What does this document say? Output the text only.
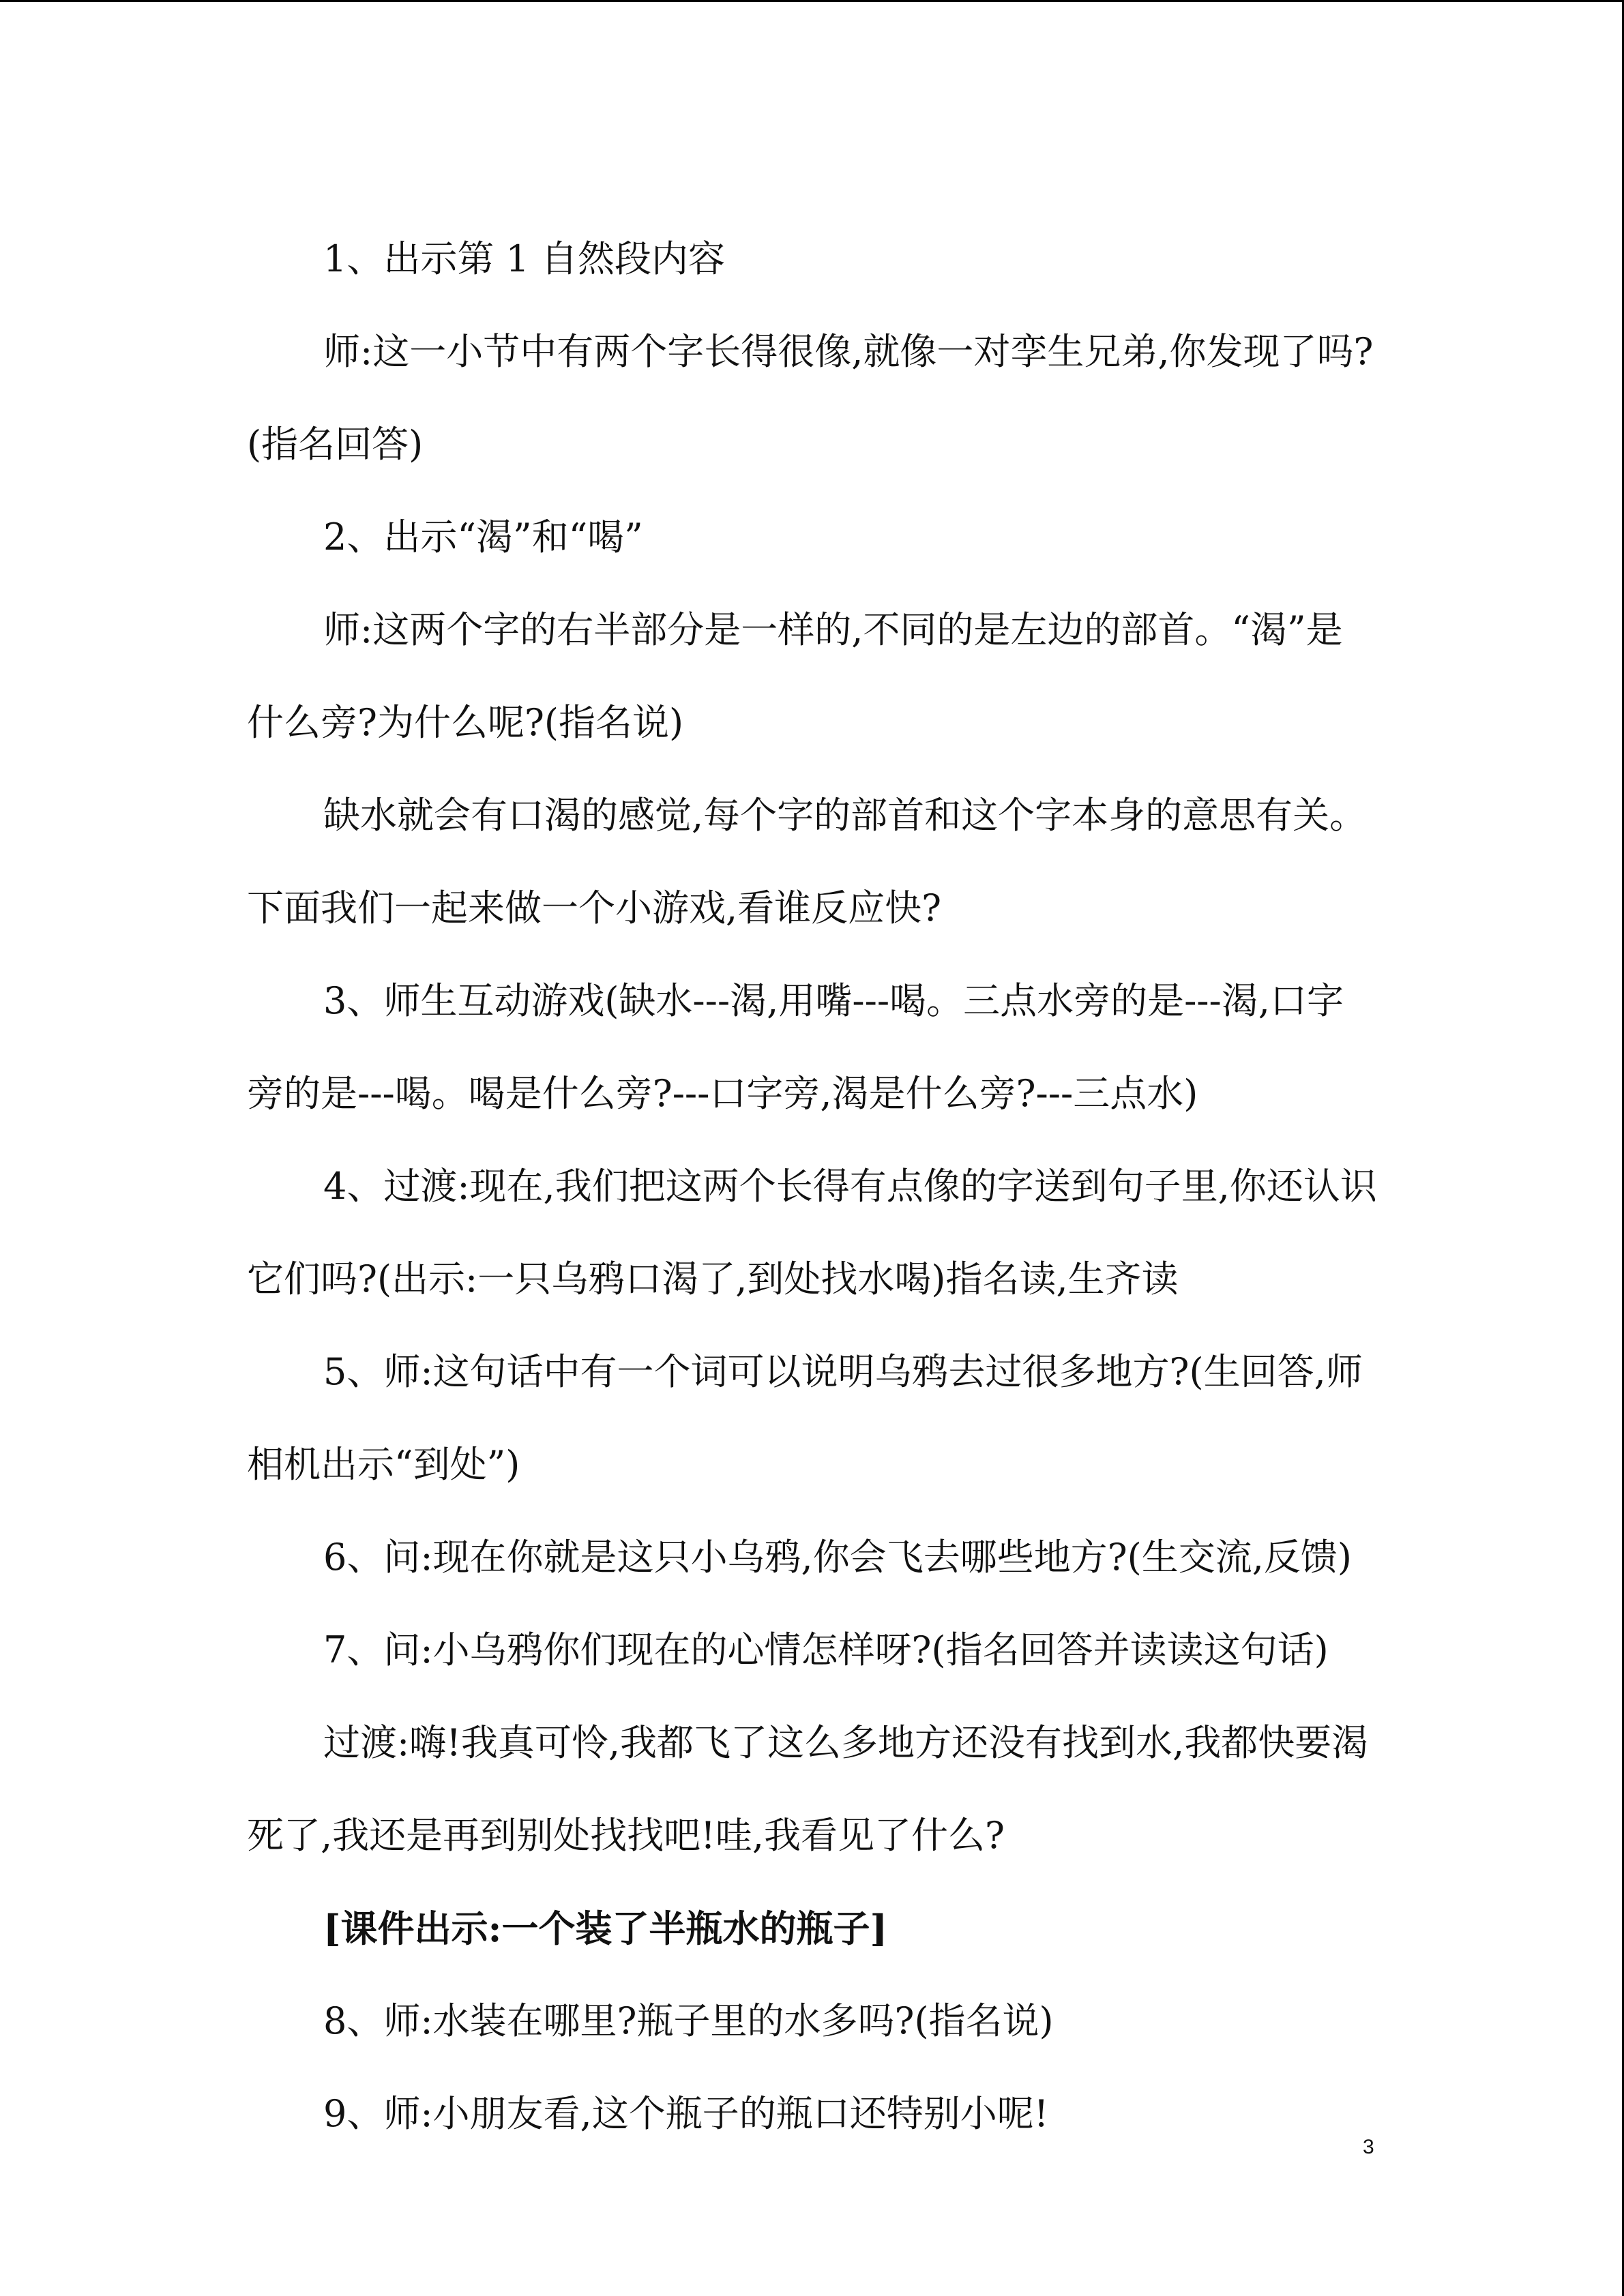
1、出示第 1 自然段内容

师:这一小节中有两个字长得很像,就像一对孪生兄弟,你发现了吗?(指名回答)

2、出示“渴”和“喝”

师:这两个字的右半部分是一样的,不同的是左边的部首。“渴”是什么旁?为什么呢?(指名说)

缺水就会有口渴的感觉,每个字的部首和这个字本身的意思有关。下面我们一起来做一个小游戏,看谁反应快?

3、师生互动游戏(缺水---渴,用嘴---喝。三点水旁的是---渴,口字旁的是---喝。喝是什么旁?---口字旁,渴是什么旁?---三点水)

4、过渡:现在,我们把这两个长得有点像的字送到句子里,你还认识它们吗?(出示:一只乌鸦口渴了,到处找水喝)指名读,生齐读

5、师:这句话中有一个词可以说明乌鸦去过很多地方?(生回答,师相机出示“到处”)

6、问:现在你就是这只小乌鸦,你会飞去哪些地方?(生交流,反馈)

7、问:小乌鸦你们现在的心情怎样呀?(指名回答并读读这句话)

过渡:嗨!我真可怜,我都飞了这么多地方还没有找到水,我都快要渴死了,我还是再到别处找找吧!哇,我看见了什么?

[课件出示:一个装了半瓶水的瓶子]

8、师:水装在哪里?瓶子里的水多吗?(指名说)

9、师:小朋友看,这个瓶子的瓶口还特别小呢!

3
